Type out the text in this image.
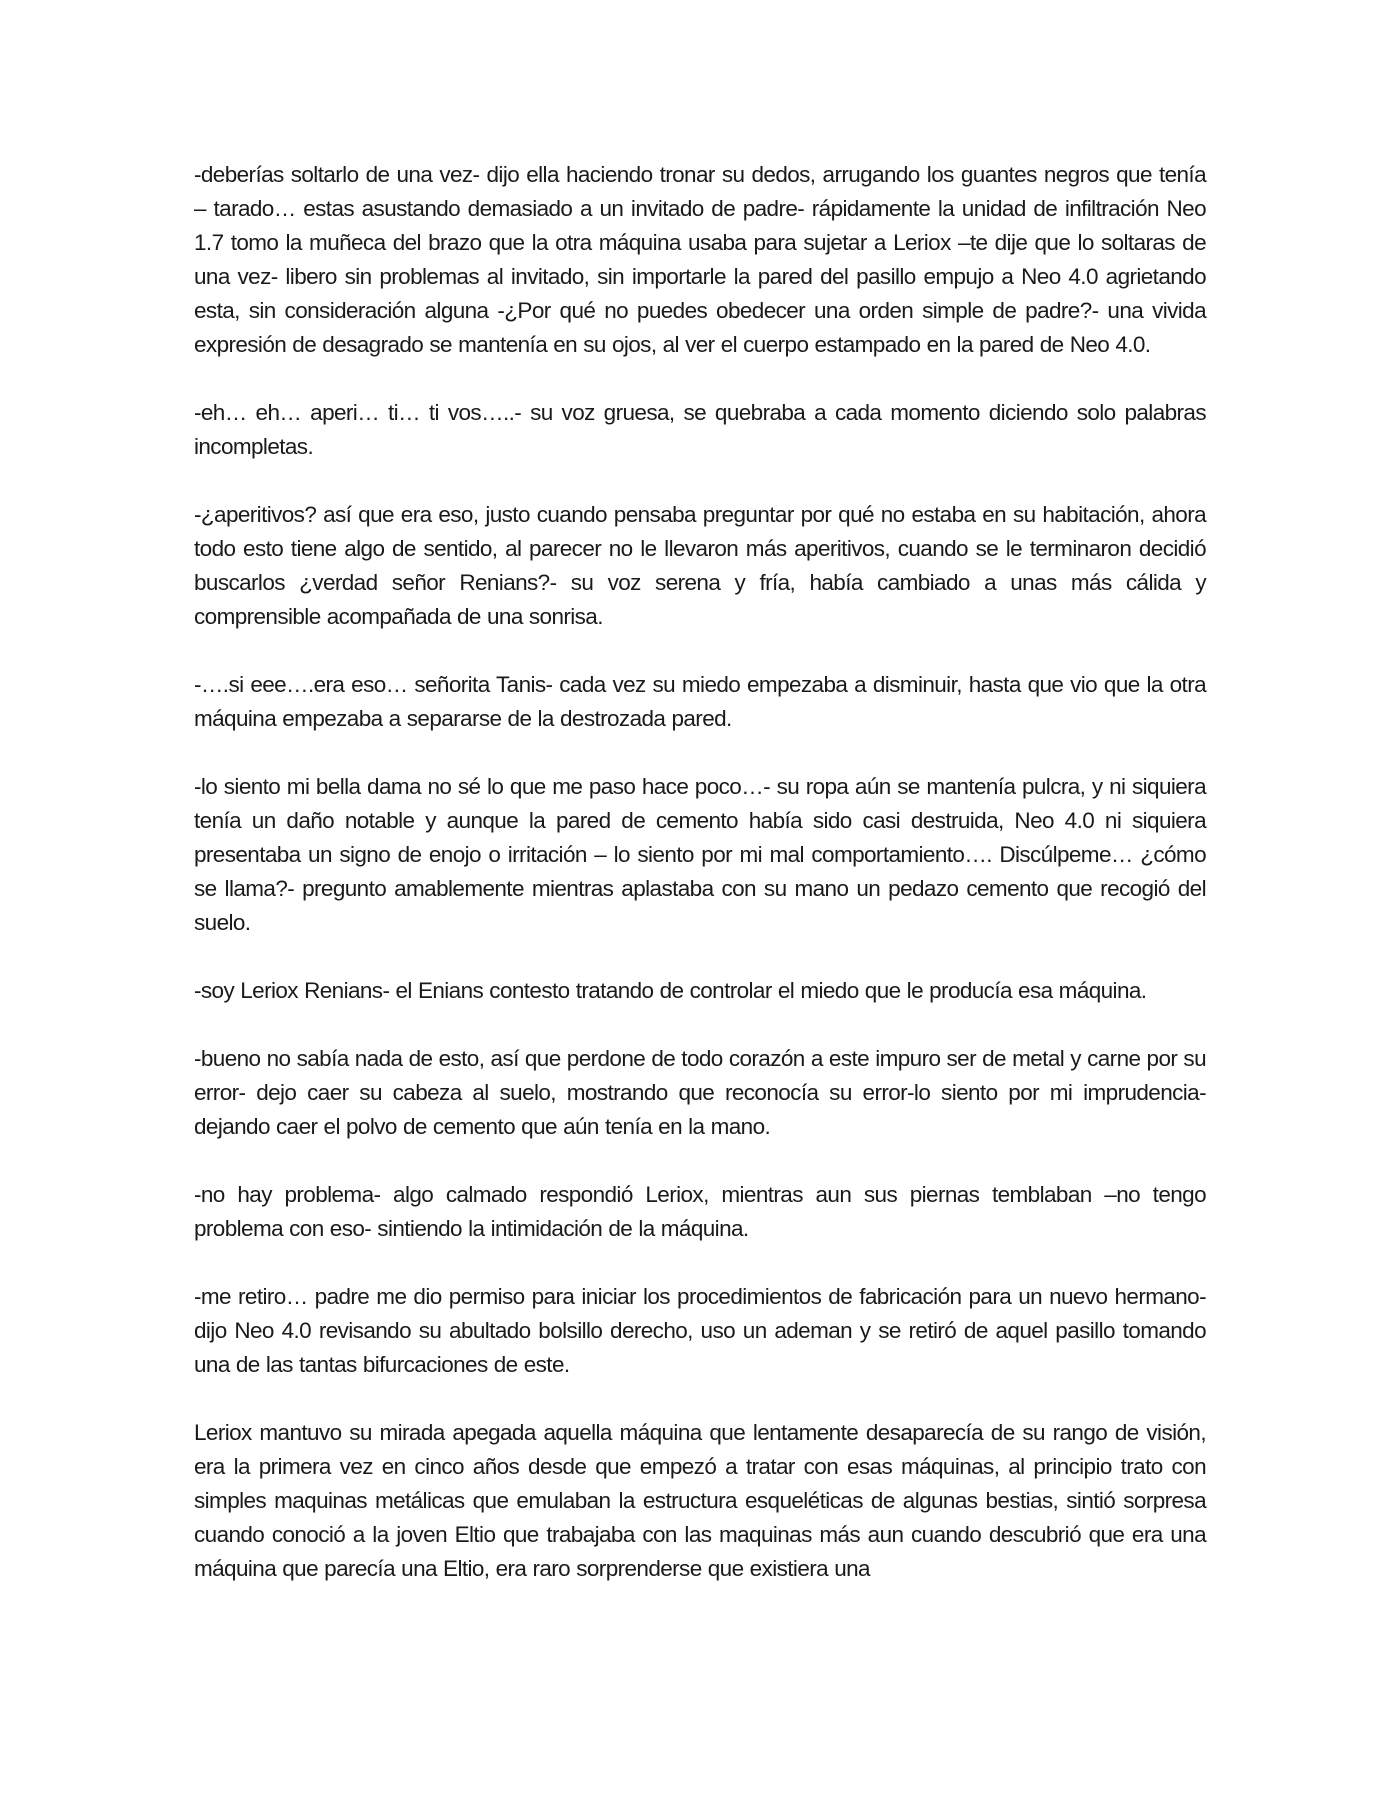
-deberías soltarlo de una vez- dijo ella haciendo tronar su dedos, arrugando los guantes negros que tenía – tarado… estas asustando demasiado a un invitado de padre- rápidamente la unidad de infiltración Neo 1.7 tomo la muñeca del brazo que la otra máquina usaba para sujetar a Leriox –te dije que lo soltaras de una vez- libero sin problemas al invitado, sin importarle la pared del pasillo empujo a Neo 4.0 agrietando esta, sin consideración alguna -¿Por qué no puedes obedecer una orden simple de padre?- una vivida expresión de desagrado se mantenía en su ojos, al ver el cuerpo estampado en la pared de Neo 4.0.

-eh… eh… aperi… ti… ti vos…..- su voz gruesa, se quebraba a cada momento diciendo solo palabras incompletas.

-¿aperitivos? así que era eso, justo cuando pensaba preguntar por qué no estaba en su habitación, ahora todo esto tiene algo de sentido, al parecer no le llevaron más aperitivos, cuando se le terminaron decidió buscarlos ¿verdad señor Renians?- su voz serena y fría, había cambiado a unas más cálida y comprensible acompañada de una sonrisa.

-….si eee….era eso… señorita Tanis- cada vez su miedo empezaba a disminuir, hasta que vio que la otra máquina empezaba a separarse de la destrozada pared.

-lo siento mi bella dama no sé lo que me paso hace poco…- su ropa aún se mantenía pulcra, y ni siquiera tenía un daño notable y aunque la pared de cemento había sido casi destruida, Neo 4.0 ni siquiera presentaba un signo de enojo o irritación – lo siento por mi mal comportamiento…. Discúlpeme… ¿cómo se llama?- pregunto amablemente mientras aplastaba con su mano un pedazo cemento que recogió del suelo.

-soy Leriox Renians- el Enians contesto tratando de controlar el miedo que le producía esa máquina.

-bueno no sabía nada de esto, así que perdone de todo corazón a este impuro ser de metal y carne por su error- dejo caer su cabeza al suelo, mostrando que reconocía su error-lo siento por mi imprudencia- dejando caer el polvo de cemento que aún tenía en la mano.

-no hay problema- algo calmado respondió Leriox, mientras aun sus piernas temblaban –no tengo problema con eso- sintiendo la intimidación de la máquina.

-me retiro… padre me dio permiso para iniciar los procedimientos de fabricación para un nuevo hermano- dijo Neo 4.0 revisando su abultado bolsillo derecho, uso un ademan y se retiró de aquel pasillo tomando una de las tantas bifurcaciones de este.

Leriox mantuvo su mirada apegada aquella máquina que lentamente desaparecía de su rango de visión, era la primera vez en cinco años desde que empezó a tratar con esas máquinas, al principio trato con simples maquinas metálicas que emulaban la estructura esqueléticas de algunas bestias, sintió sorpresa cuando conoció a la joven Eltio que trabajaba con las maquinas más aun cuando descubrió que era una máquina que parecía una Eltio, era raro sorprenderse que existiera una
